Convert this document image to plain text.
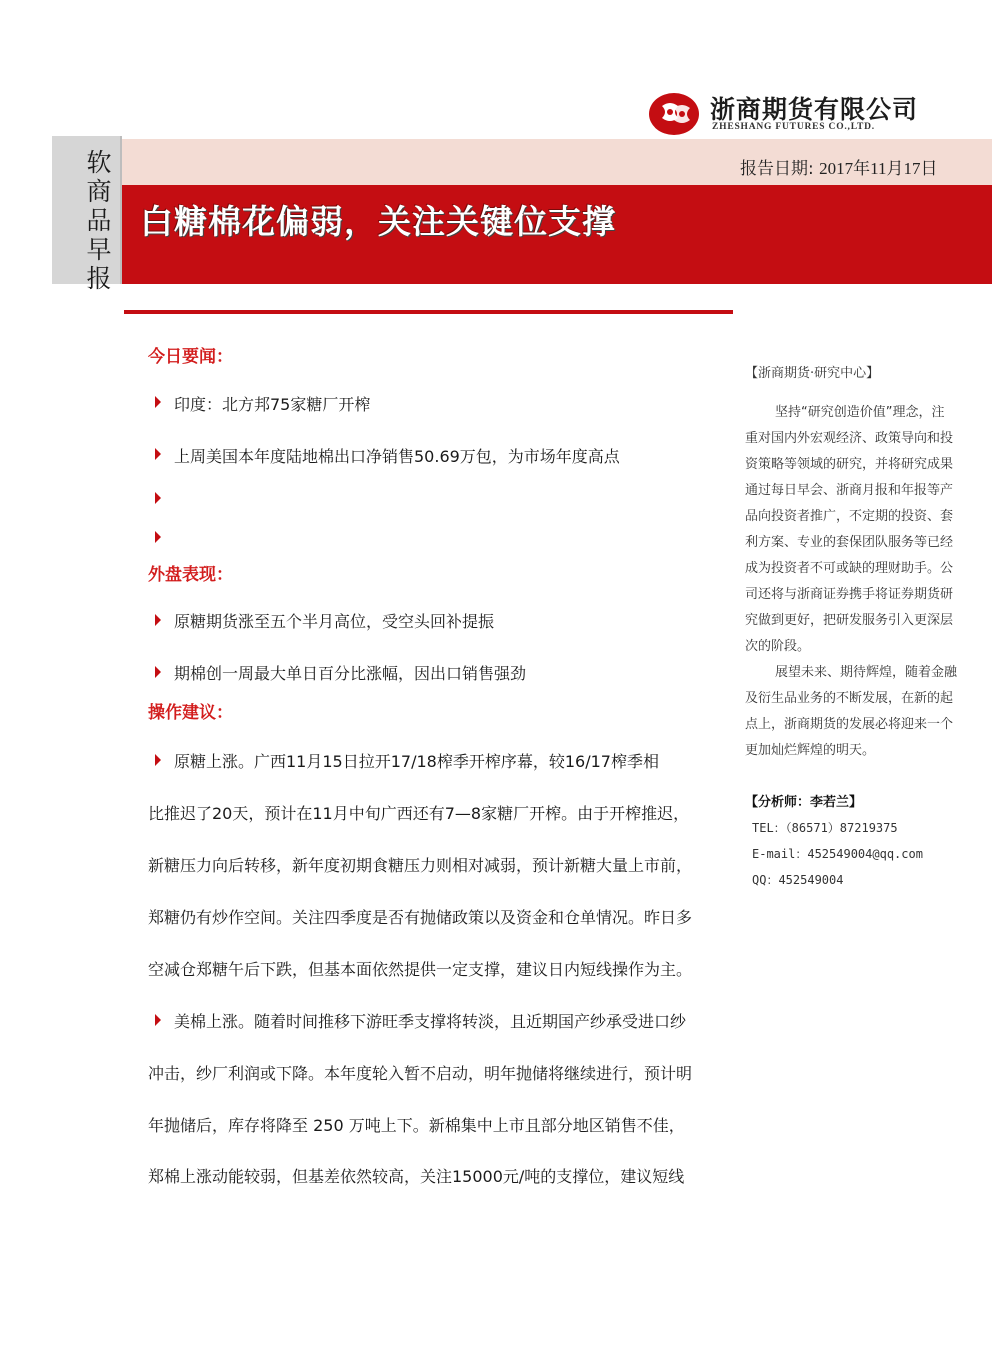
浙商期货有限公司
ZHESHANG FUTURES CO.,LTD.
软商品早报
报告日期: 2017年11月17日
白糖棉花偏弱，关注关键位支撑
今日要闻：
印度：北方邦75家糖厂开榨
上周美国本年度陆地棉出口净销售50.69万包，为市场年度高点
外盘表现：
原糖期货涨至五个半月高位，受空头回补提振
期棉创一周最大单日百分比涨幅，因出口销售强劲
操作建议：
原糖上涨。广西11月15日拉开17/18榨季开榨序幕，较16/17榨季相
比推迟了20天，预计在11月中旬广西还有7—8家糖厂开榨。由于开榨推迟，
新糖压力向后转移，新年度初期食糖压力则相对减弱，预计新糖大量上市前，
郑糖仍有炒作空间。关注四季度是否有抛储政策以及资金和仓单情况。昨日多
空减仓郑糖午后下跌，但基本面依然提供一定支撑，建议日内短线操作为主。
美棉上涨。随着时间推移下游旺季支撑将转淡，且近期国产纱承受进口纱
冲击，纱厂利润或下降。本年度轮入暂不启动，明年抛储将继续进行，预计明
年抛储后，库存将降至 250 万吨上下。新棉集中上市且部分地区销售不佳，
郑棉上涨动能较弱，但基差依然较高，关注15000元/吨的支撑位，建议短线
【浙商期货·研究中心】
坚持“研究创造价值”理念，注
重对国内外宏观经济、政策导向和投
资策略等领域的研究，并将研究成果
通过每日早会、浙商月报和年报等产
品向投资者推广，不定期的投资、套
利方案、专业的套保团队服务等已经
成为投资者不可或缺的理财助手。公
司还将与浙商证券携手将证券期货研
究做到更好，把研发服务引入更深层
次的阶段。
展望未来、期待辉煌，随着金融
及衍生品业务的不断发展，在新的起
点上，浙商期货的发展必将迎来一个
更加灿烂辉煌的明天。
【分析师：李若兰】
TEL：（86571）87219375
E-mail：452549004@qq.com
QQ：452549004
